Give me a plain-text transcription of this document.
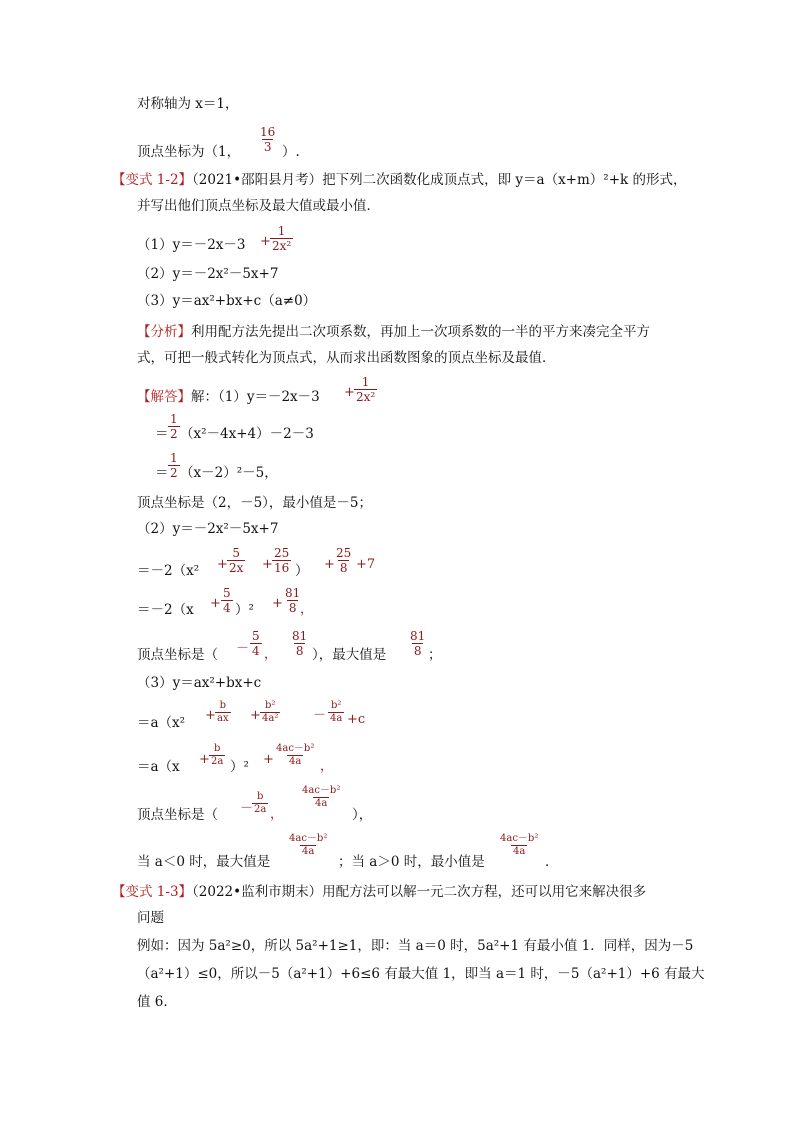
对称轴为 x＝1，
顶点坐标为（1，
16
3 ）.
【变式 1-2】（2021•邵阳县月考）把下列二次函数化成顶点式，即 y＝a（x+m）²+k 的形式，
并写出他们顶点坐标及最大值或最小值．
（1）y＝－2x－3 +
1
2x²
（2）y＝－2x²－5x+7
（3）y＝ax²+bx+c（a≠0）
【分析】利用配方法先提出二次项系数，再加上一次项系数的一半的平方来凑完全平方
式，可把一般式转化为顶点式，从而求出函数图象的顶点坐标及最值．
【解答】解：（1）y＝－2x－3 +
1
2x²
＝
1
2 （x²－4x+4）－2－3
＝
1
2 （x－2）²－5，
顶点坐标是（2，－5），最小值是－5；
（2）y＝－2x²－5x+7
＝－2（x² +
5
2x +
25
16 ） +
25
8 +7
＝－2（x +
5
4 ）² +
81
8 ，
顶点坐标是（ －
5
4 ，
81
8 ），最大值是
81
8 ；
（3）y＝ax²+bx+c
＝a（x² +
b
ax +
b²
4a²	－
b²
4a +c
＝a（x +
b
2a ）² +
4ac－b²
4a ，
顶点坐标是（ －
b
2a ，
4ac－b²
4a
），
当 a＜0 时，最大值是
4ac－b²
4a
；当 a＞0 时，最小值是
4ac－b²
4a
．
【变式 1-3】（2022•监利市期末）用配方法可以解一元二次方程，还可以用它来解决很多
问题
例如：因为 5a²≥0，所以 5a²+1≥1，即：当 a＝0 时，5a²+1 有最小值 1．同样，因为－5
（a²+1）≤0，所以－5（a²+1）+6≤6 有最大值 1，即当 a＝1 时，－5（a²+1）+6 有最大
值 6．
